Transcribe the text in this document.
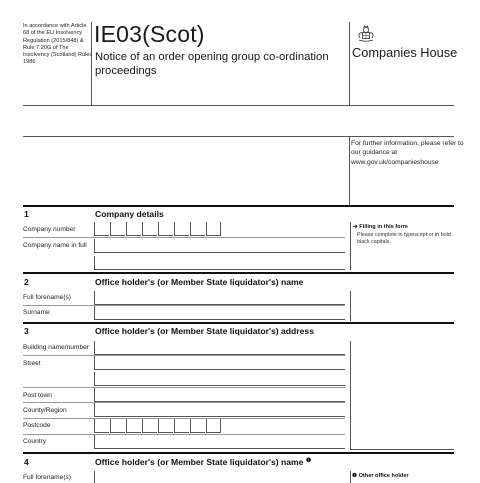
In accordance with Article 68 of the EU Insolvency Regulation (2015/848) & Rule 7.20G of The Insolvency (Scotland) Rules 1986
IE03(Scot)
Notice of an order opening group co-ordination proceedings
Companies House
For further information, please refer to our guidance at www.gov.uk/companieshouse
1	Company details
Company number
Company name in full
➔ Filling in this form
Please complete in typescript or in bold black capitals.
2	Office holder's (or Member State liquidator's) name
Full forename(s)
Surname
3	Office holder's (or Member State liquidator's) address
Building name/number
Street
Post town
County/Region
Postcode
Country
4	Office holder's (or Member State liquidator's) name $^❶$
Full forename(s)	❶ Other office holder
